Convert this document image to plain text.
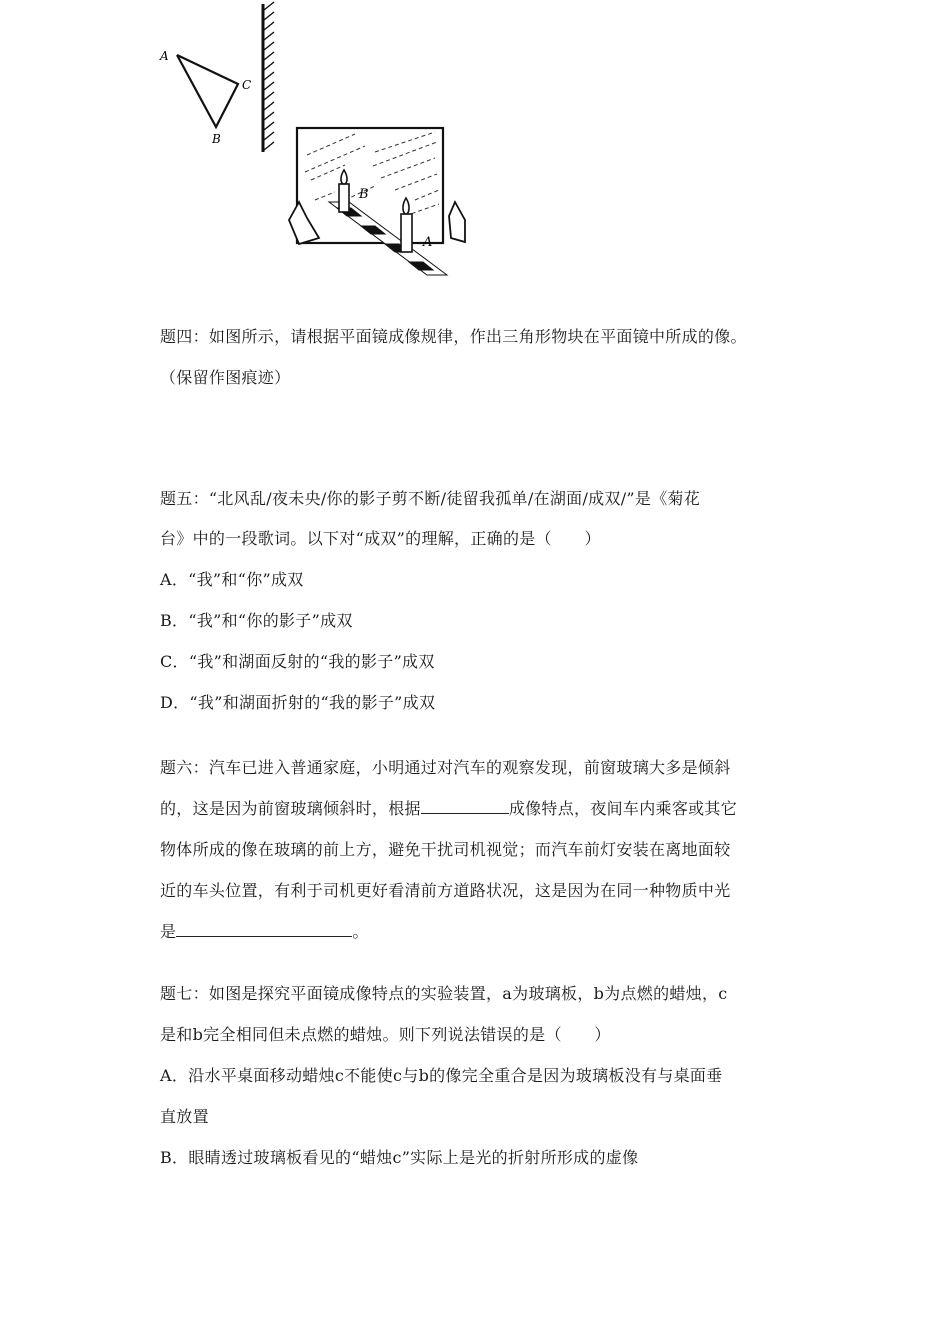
A
C
B
B
A
题四：如图所示，请根据平面镜成像规律，作出三角形物块在平面镜中所成的像。
（保留作图痕迹）
题五：“北风乱/夜未央/你的影子剪不断/徒留我孤单/在湖面/成双/”是《菊花
台》中的一段歌词。以下对“成双”的理解，正确的是（　　）
A．“我”和“你”成双
B．“我”和“你的影子”成双
C．“我”和湖面反射的“我的影子”成双
D．“我”和湖面折射的“我的影子”成双
题六：汽车已进入普通家庭，小明通过对汽车的观察发现，前窗玻璃大多是倾斜
的，这是因为前窗玻璃倾斜时，根据	成像特点，夜间车内乘客或其它
物体所成的像在玻璃的前上方，避免干扰司机视觉；而汽车前灯安装在离地面较
近的车头位置，有利于司机更好看清前方道路状况，这是因为在同一种物质中光
是	。
题七：如图是探究平面镜成像特点的实验装置，a为玻璃板，b为点燃的蜡烛，c
是和b完全相同但未点燃的蜡烛。则下列说法错误的是（　　）
A．沿水平桌面移动蜡烛c不能使c与b的像完全重合是因为玻璃板没有与桌面垂
直放置
B．眼睛透过玻璃板看见的“蜡烛c”实际上是光的折射所形成的虚像
